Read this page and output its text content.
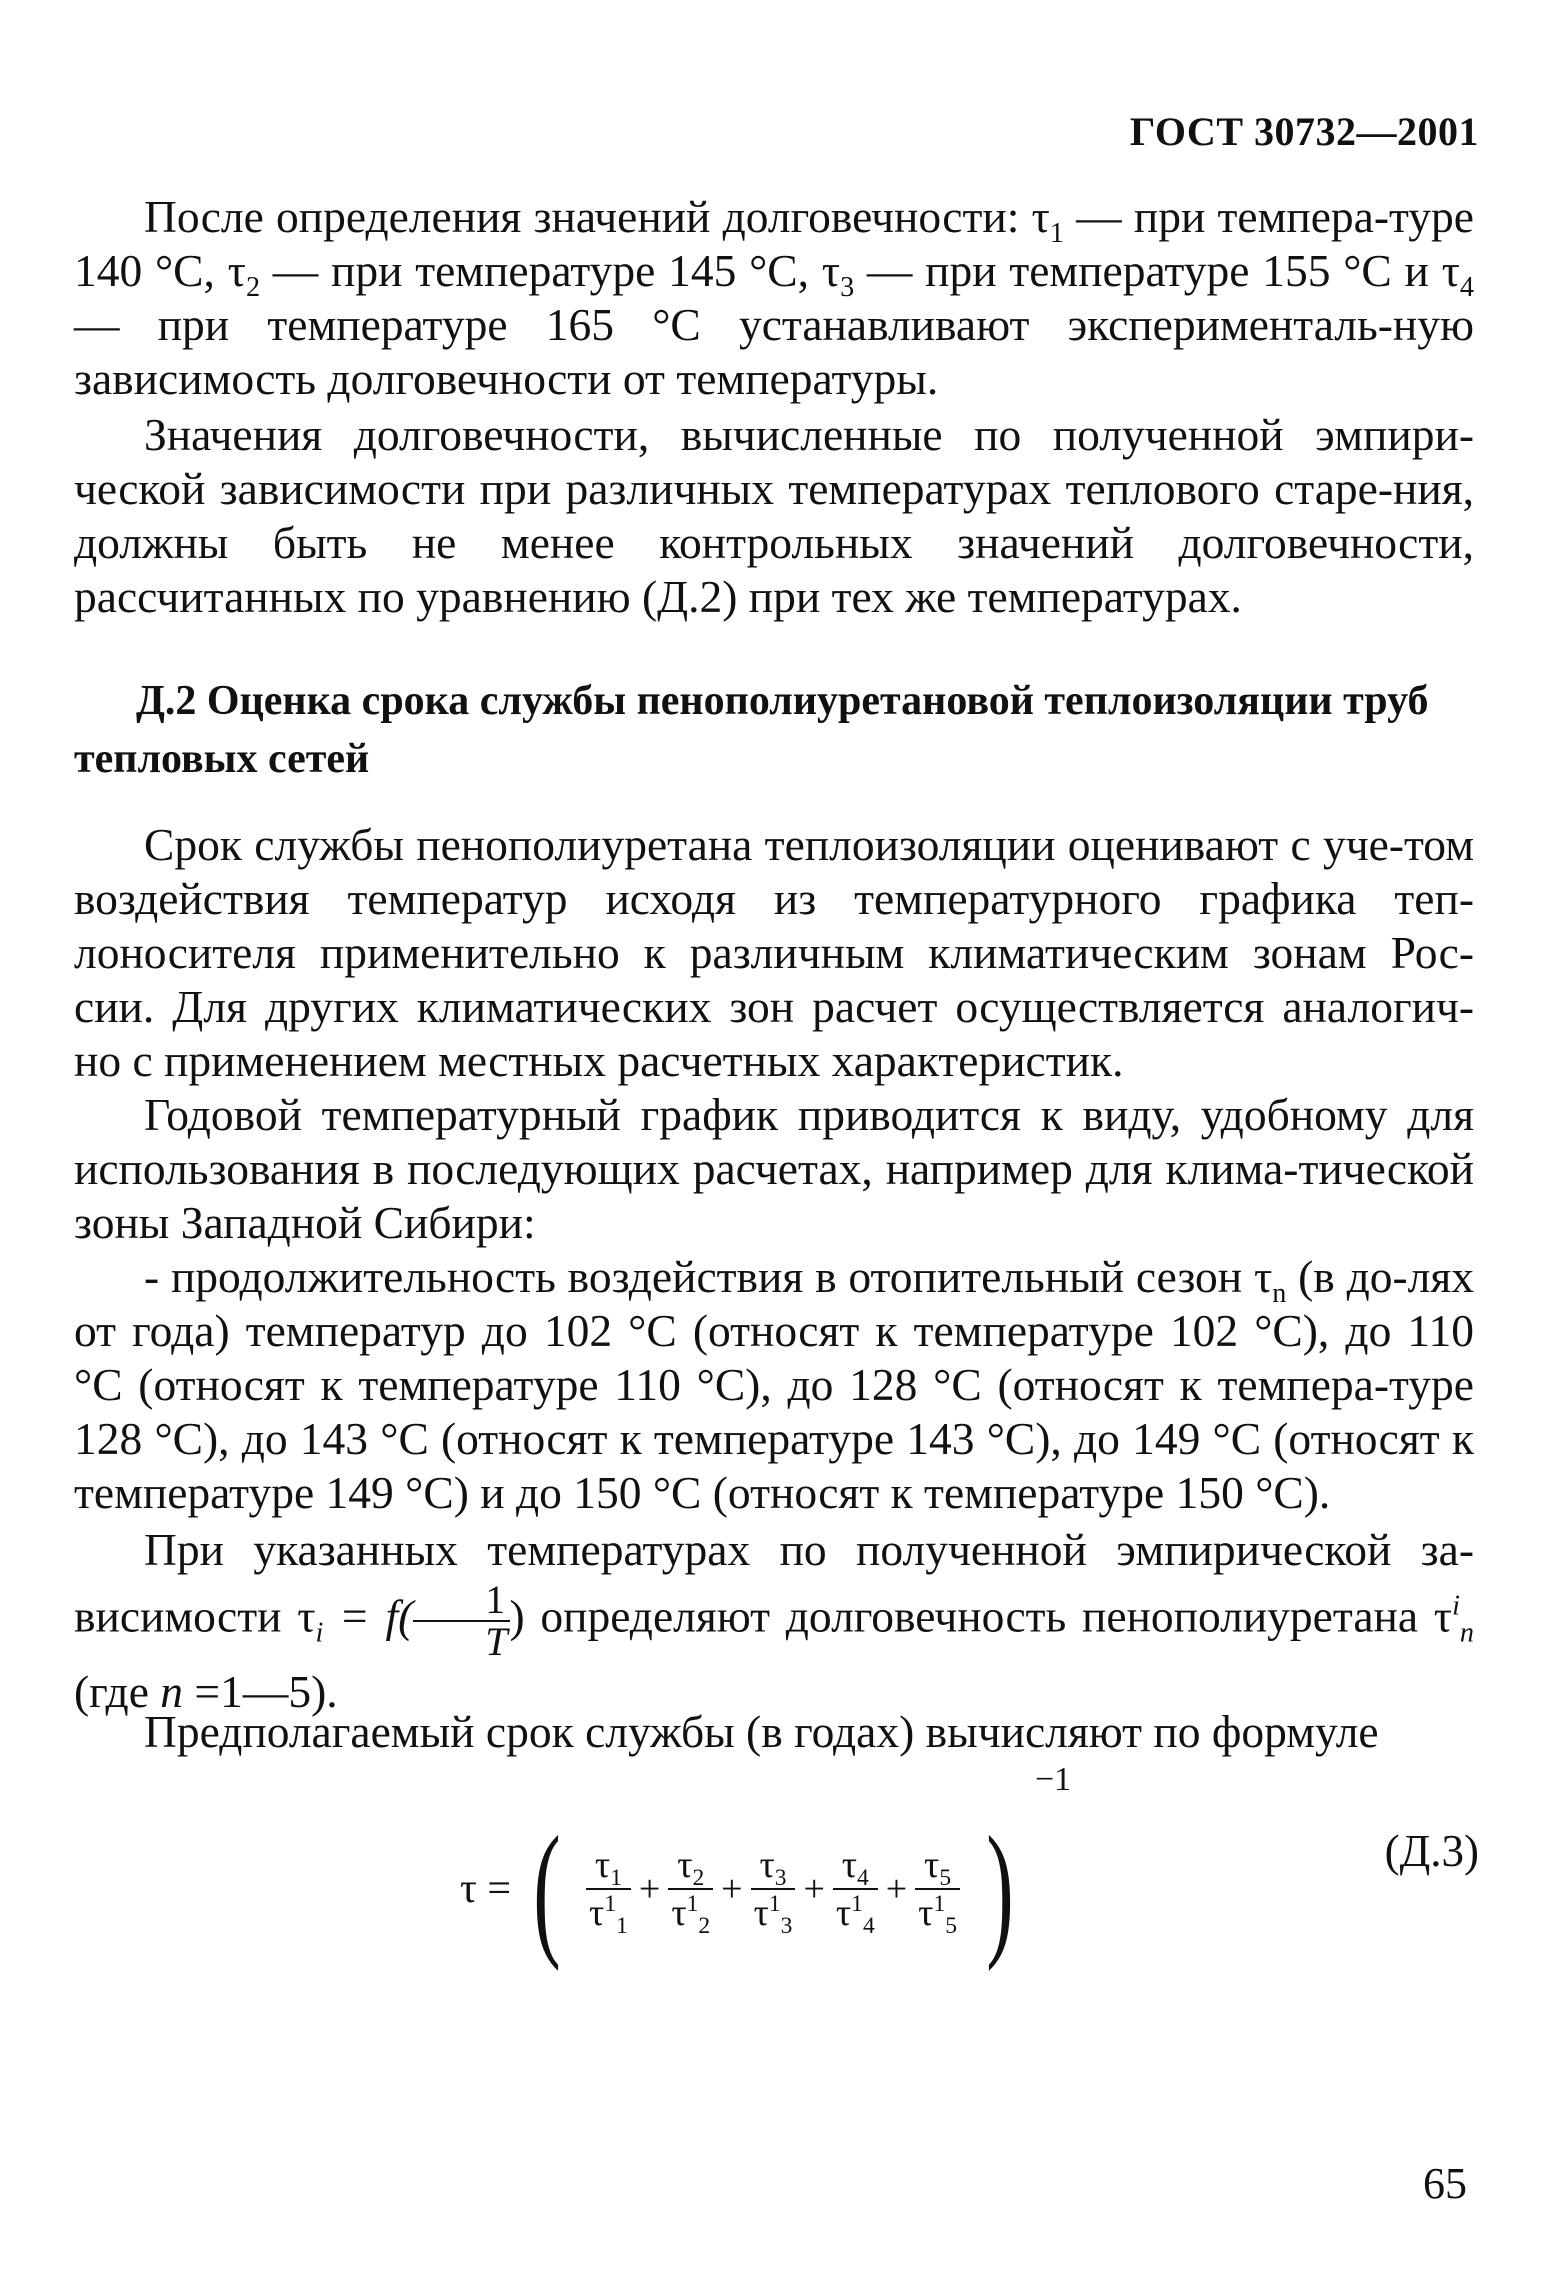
ГОСТ 30732—2001

После определения значений долговечности: $\tau_1$ — при темпера-туре 140 °С, $\tau_2$ — при температуре 145 °С, $\tau_3$ — при температуре 155 °С и $\tau_4$ — при температуре 165 °С устанавливают эксперименталь-ную зависимость долговечности от температуры.

Значения долговечности, вычисленные по полученной эмпири-ческой зависимости при различных температурах теплового старе-ния, должны быть не менее контрольных значений долговечности, рассчитанных по уравнению (Д.2) при тех же температурах.

Д.2 Оценка срока службы пенополиуретановой теплоизоляции труб тепловых сетей

Срок службы пенополиуретана теплоизоляции оценивают с уче-том воздействия температур исходя из температурного графика теп-лоносителя применительно к различным климатическим зонам Рос-сии. Для других климатических зон расчет осуществляется аналогич-но с применением местных расчетных характеристик.

Годовой температурный график приводится к виду, удобному для использования в последующих расчетах, например для клима-тической зоны Западной Сибири:

- продолжительность воздействия в отопительный сезон $\tau_n$ (в до-лях от года) температур до 102 °С (относят к температуре 102 °С), до 110 °С (относят к температуре 110 °С), до 128 °С (относят к темпера-туре 128 °С), до 143 °С (относят к температуре 143 °С), до 149 °С (относят к температуре 149 °С) и до 150 °С (относят к температуре 150 °С).

При указанных температурах по полученной эмпирической за-висимости $\tau_i = f( \frac{1}{T}$ ) определяют долговечность пенополиуретана $\tau^i_n$ (где n =1—5).

Предполагаемый срок службы (в годах) вычисляют по формуле

τ = ( $\frac{\tau_1}{\tau^1_1} + \frac{\tau_2}{\tau^1_2} + \frac{\tau_3}{\tau^1_3} + \frac{\tau_4}{\tau^1_4} + \frac{\tau_5}{\tau^1_5}$ ) $^{-1}$
(Д.3)
65
